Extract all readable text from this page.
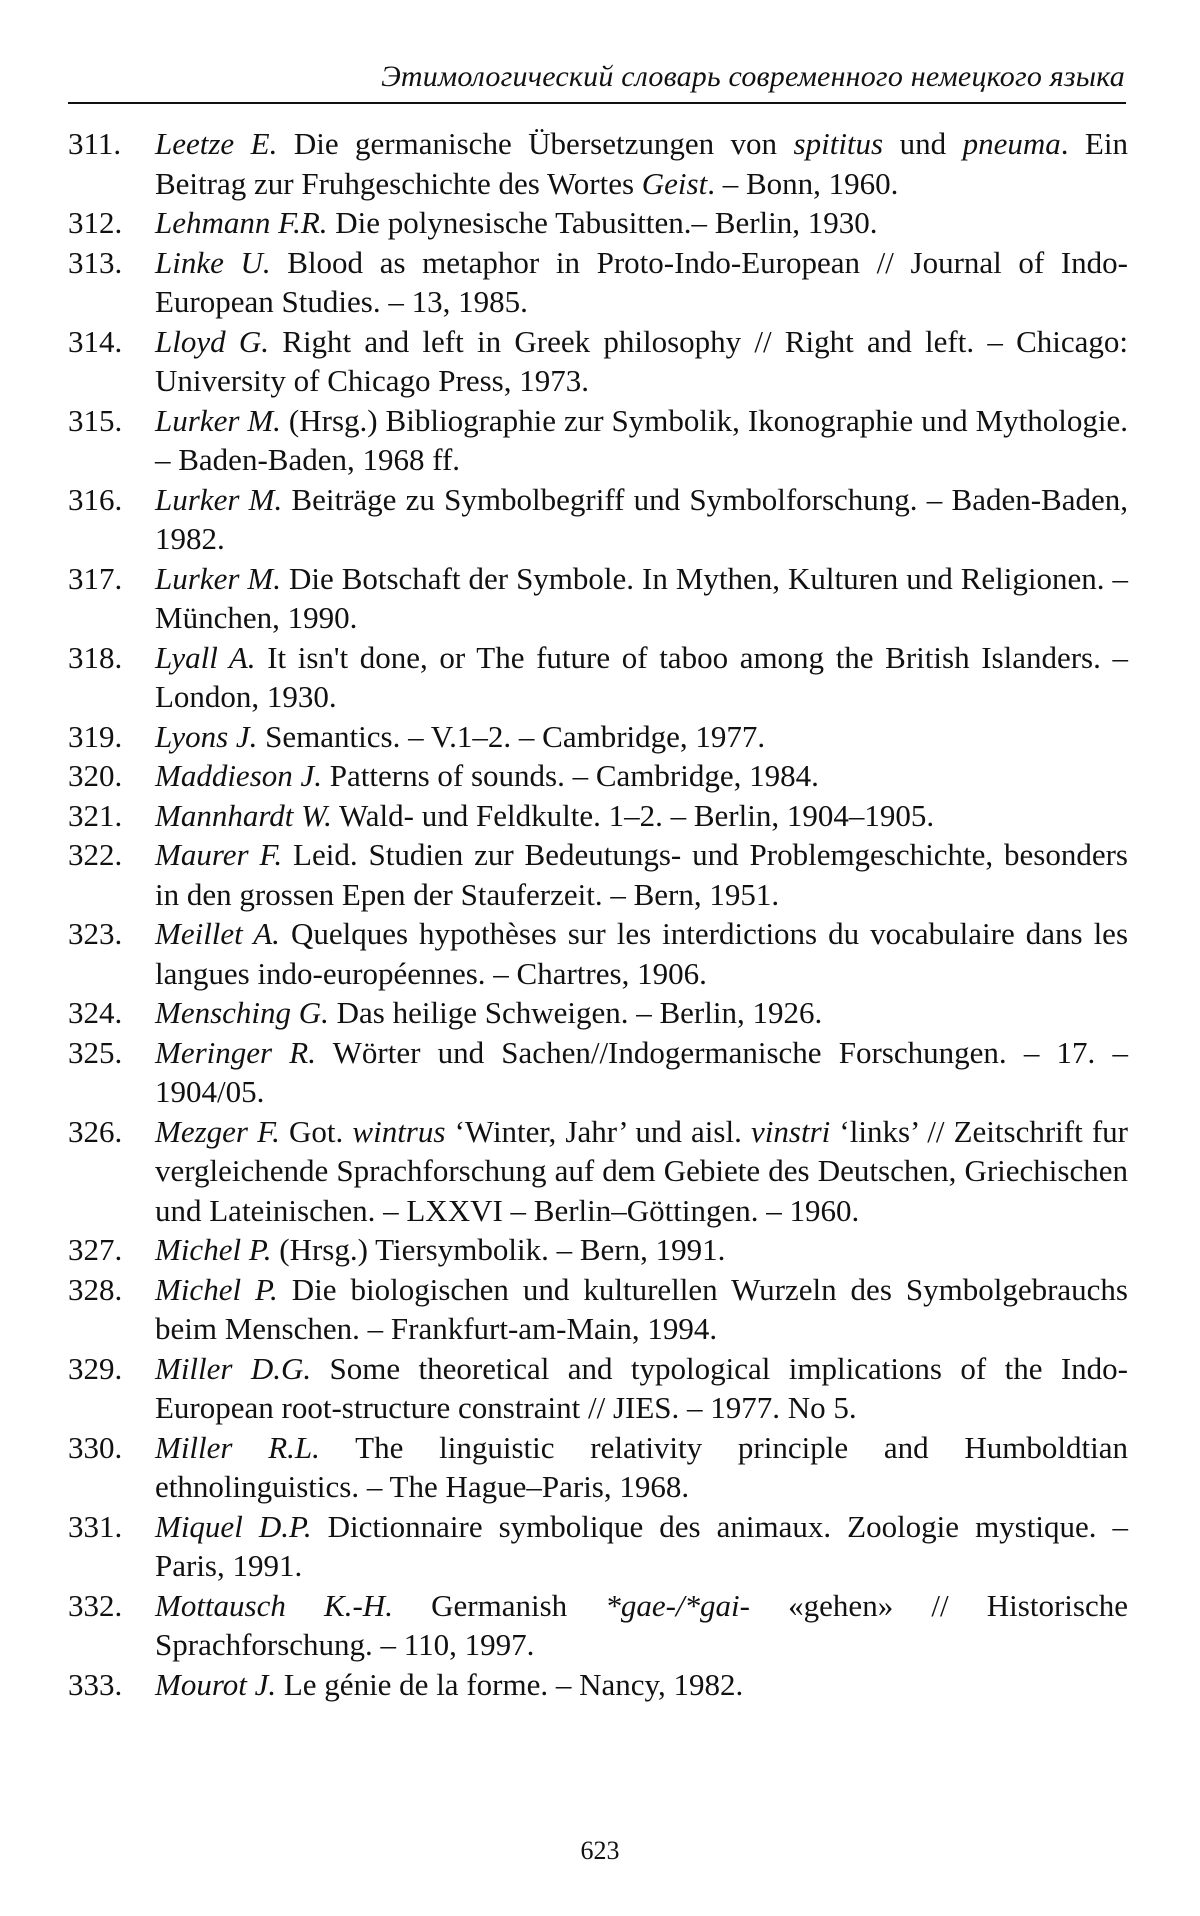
Этимологический словарь современного немецкого языка
311.	Leetze E. Die germanische Übersetzungen von spititus und pneuma. Ein Beitrag zur Fruhgeschichte des Wortes Geist. – Bonn, 1960.
312.	Lehmann F.R. Die polynesische Tabusitten.– Berlin, 1930.
313.	Linke U. Blood as metaphor in Proto-Indo-European // Journal of Indo-European Studies. – 13, 1985.
314.	Lloyd G. Right and left in Greek philosophy // Right and left. – Chicago: University of Chicago Press, 1973.
315.	Lurker M. (Hrsg.) Bibliographie zur Symbolik, Ikonographie und Mythologie. – Baden-Baden, 1968 ff.
316.	Lurker M. Beiträge zu Symbolbegriff und Symbolforschung. – Baden-Baden, 1982.
317.	Lurker M. Die Botschaft der Symbole. In Mythen, Kulturen und Religionen. – München, 1990.
318.	Lyall A. It isn't done, or The future of taboo among the British Islanders. – London, 1930.
319.	Lyons J. Semantics. – V.1–2. – Cambridge, 1977.
320.	Maddieson J. Patterns of sounds. – Cambridge, 1984.
321.	Mannhardt W. Wald- und Feldkulte. 1–2. – Berlin, 1904–1905.
322.	Maurer F. Leid. Studien zur Bedeutungs- und Problemgeschichte, besonders in den grossen Epen der Stauferzeit. – Bern, 1951.
323.	Meillet A. Quelques hypothèses sur les interdictions du vocabulaire dans les langues indo-européennes. – Chartres, 1906.
324.	Mensching G. Das heilige Schweigen. – Berlin, 1926.
325.	Meringer R. Wörter und Sachen//Indogermanische Forschungen. – 17. – 1904/05.
326.	Mezger F. Got. wintrus ‘Winter, Jahr’ und aisl. vinstri ‘links’ // Zeitschrift fur vergleichende Sprachforschung auf dem Gebiete des Deutschen, Griechischen und Lateinischen. – LXXVI – Berlin–Göttingen. – 1960.
327.	Michel P. (Hrsg.) Tiersymbolik. – Bern, 1991.
328.	Michel P. Die biologischen und kulturellen Wurzeln des Symbolgebrauchs beim Menschen. – Frankfurt-am-Main, 1994.
329.	Miller D.G. Some theoretical and typological implications of the Indo-European root-structure constraint // JIES. – 1977. No 5.
330.	Miller R.L. The linguistic relativity principle and Humboldtian ethnolinguistics. – The Hague–Paris, 1968.
331.	Miquel D.P. Dictionnaire symbolique des animaux. Zoologie mystique. – Paris, 1991.
332.	Mottausch K.-H. Germanish *gae-/*gai- «gehen» // Historische Sprachforschung. – 110, 1997.
333.	Mourot J. Le génie de la forme. – Nancy, 1982.
623
